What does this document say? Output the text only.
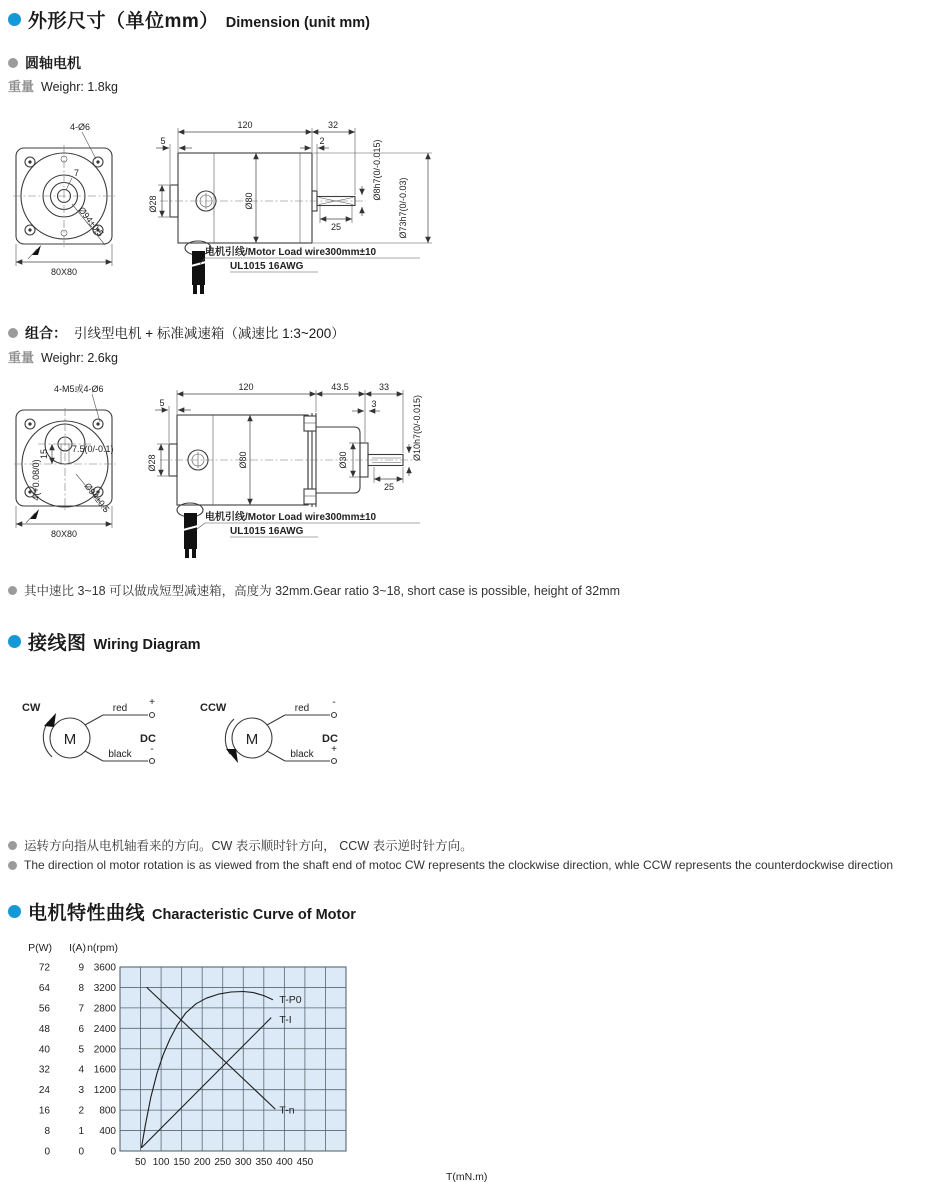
外形尺寸（单位mm） Dimension (unit mm)
圆轴电机
重量 Weighr: 1.8kg
4-Ø6
7
Ø94±0.5
80X80
120	32
5	2
Ø28	Ø80
25
Ø8h7(0/-0.015)
Ø73h7(0/-0.03)
电机引线/Motor Load wire300mm±10
UL1015 16AWG
组合： 引线型电机 + 标准减速箱（减速比 1:3~200）
重量 Weighr: 2.6kg
4-M5或4-Ø6
15	7.5(0/-0.1)
4(+0.08/0)	Ø94±0.5
80X80
120	43.5	33
5	3
Ø28	Ø80	Ø30
25
Ø10h7(0/-0.015)
电机引线/Motor Load wire300mm±10
UL1015 16AWG
其中速比 3~18 可以做成短型减速箱，高度为 32mm.Gear ratio 3~18, short case is possible, height of 32mm
接线图 Wiring Diagram
CW
M
red
+
black -
DC
CCW
M
red
-
black +
DC
运转方向指从电机轴看来的方向。CW 表示顺时针方向， CCW 表示逆时针方向。
The direction ol motor rotation is as viewed from the shaft end of motoc CW represents the clockwise direction, whle CCW represents the counterdockwise direction
电机特性曲线 Characteristic Curve of Motor
P(W)
72
64
56
48
40
32
24
16
8
0
I(A)
9
8
7
6
5
4
3
2
1
0
n(rpm)
3600
3200
2800
2400
2000
1600
1200
800
400
0
50 100 150 200 250 300 350 400 450
T(mN.m)
T-P0
T-I
T-n
